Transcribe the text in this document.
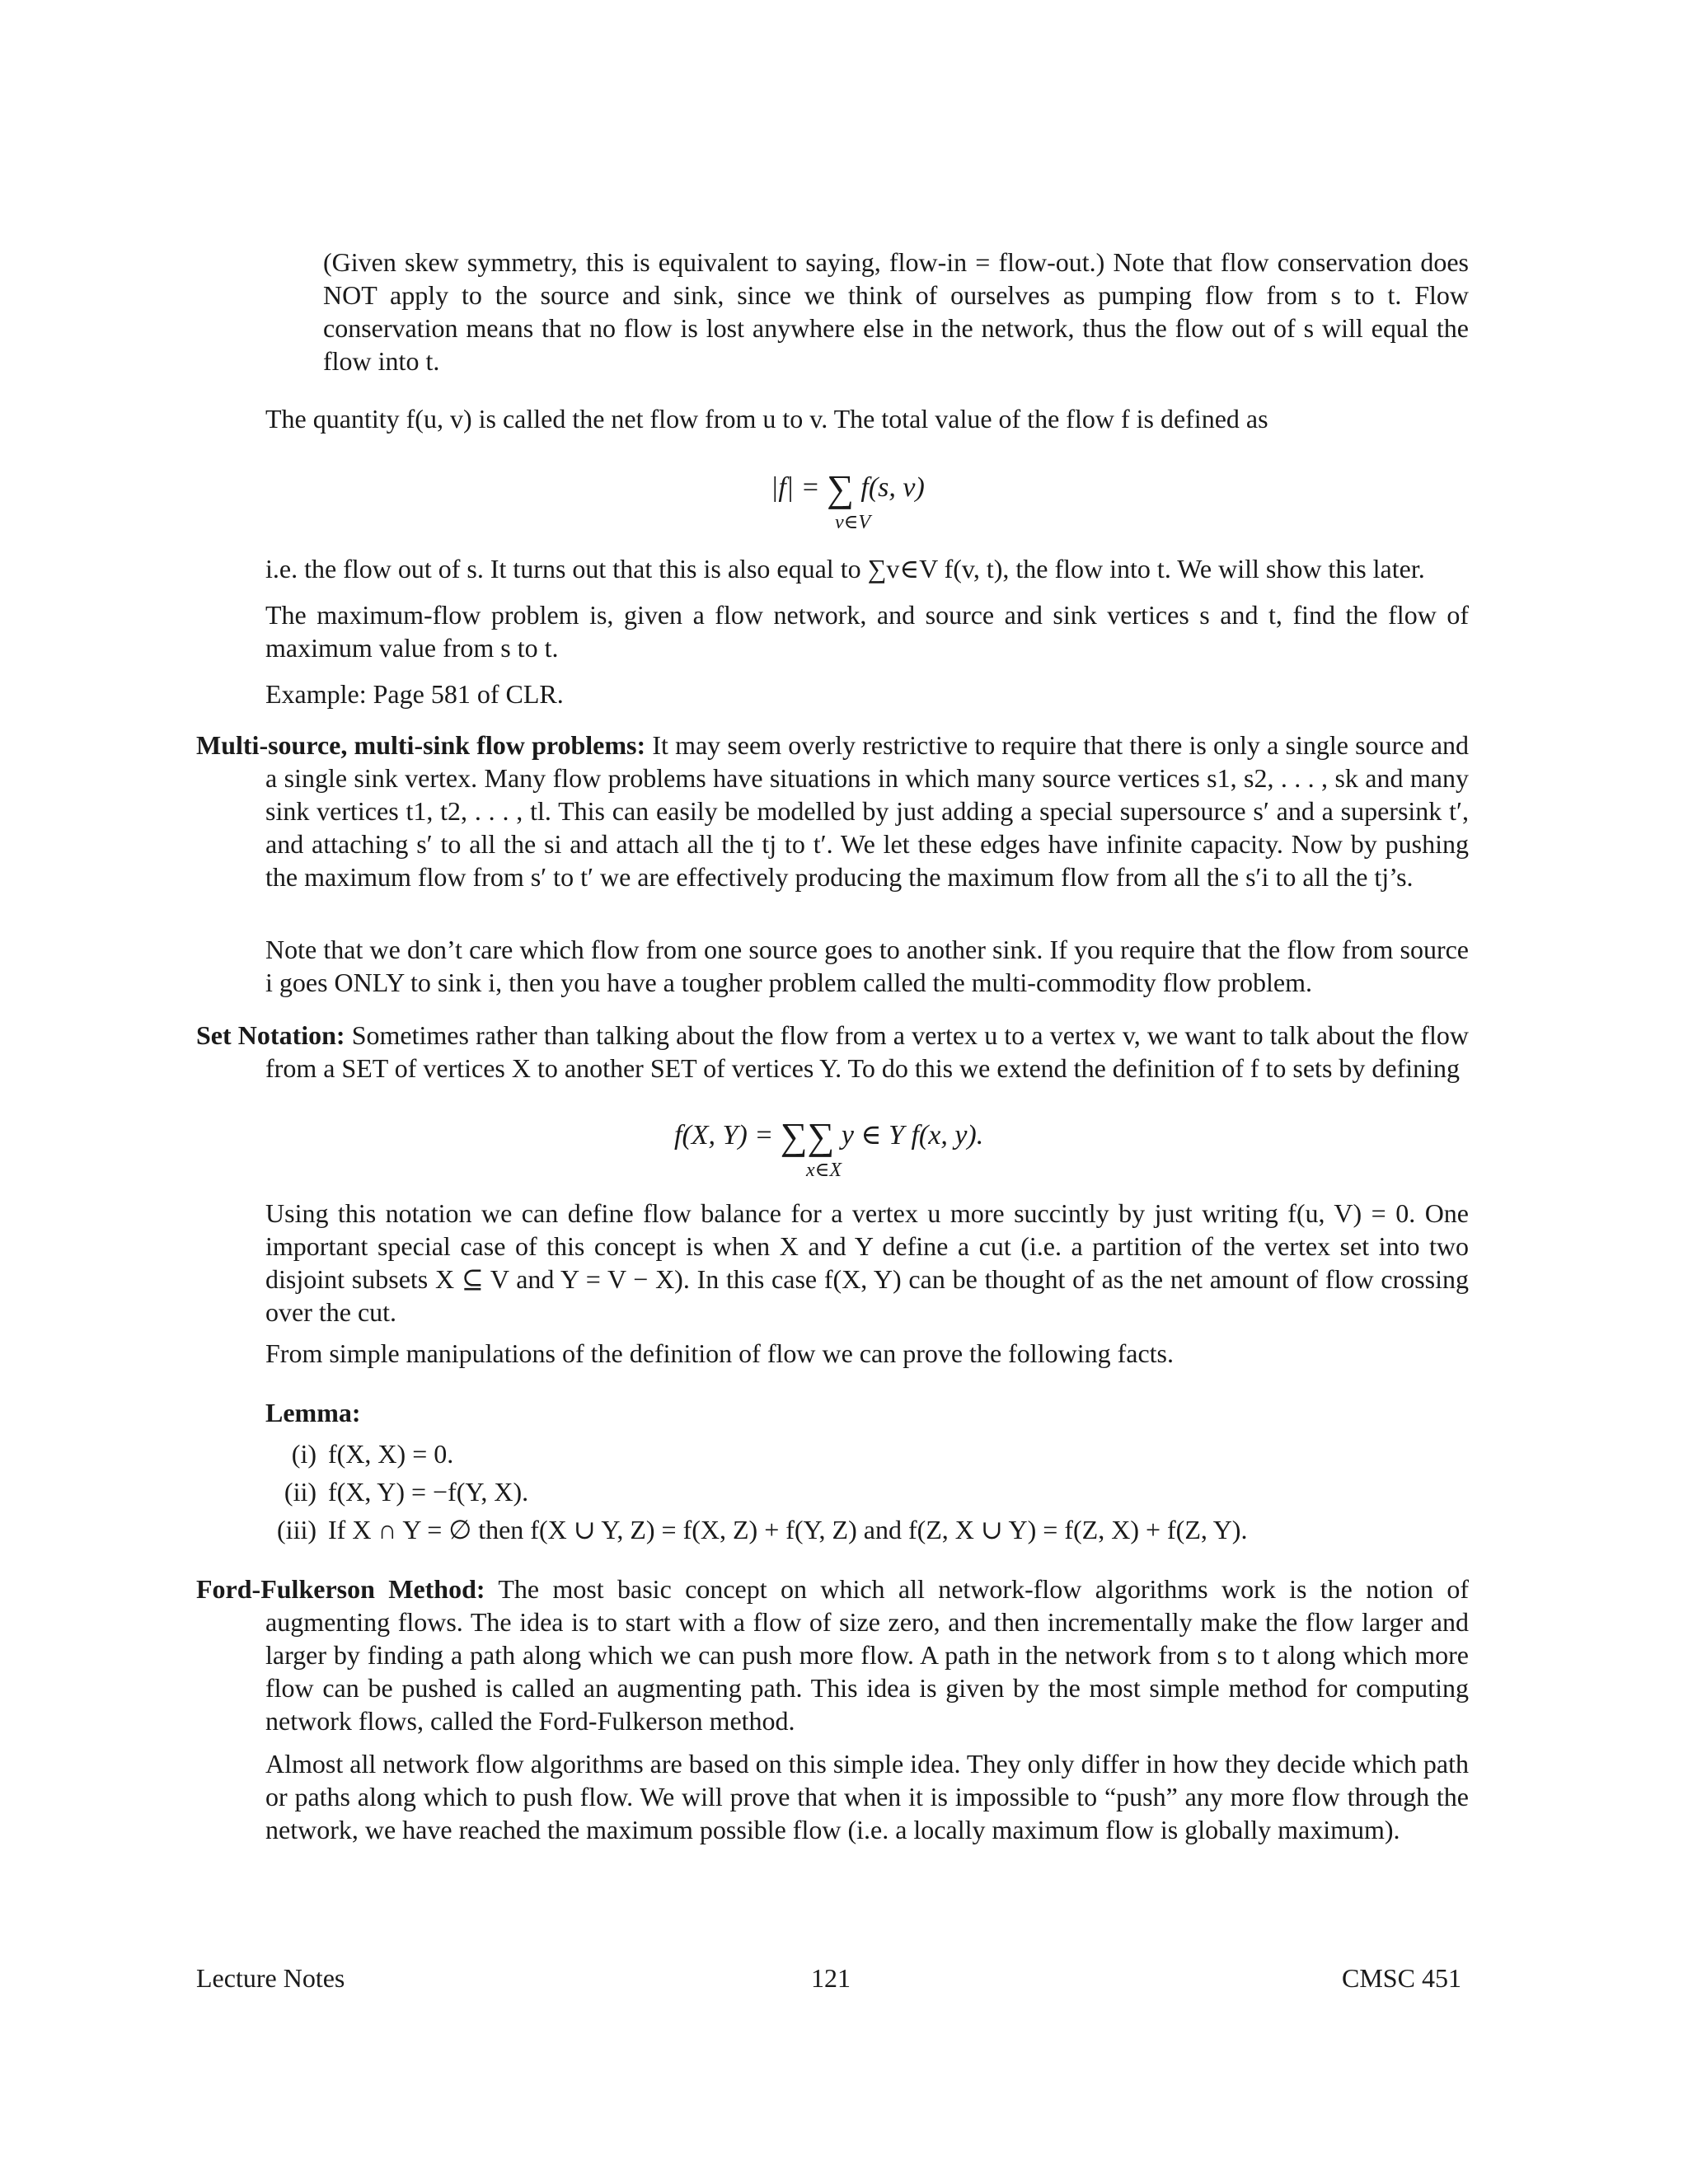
(Given skew symmetry, this is equivalent to saying, flow-in = flow-out.) Note that flow conservation does NOT apply to the source and sink, since we think of ourselves as pumping flow from s to t. Flow conservation means that no flow is lost anywhere else in the network, thus the flow out of s will equal the flow into t.

The quantity f(u, v) is called the net flow from u to v. The total value of the flow f is defined as

|f| = ∑ f(s, v)
v∈V

i.e. the flow out of s. It turns out that this is also equal to ∑v∈V f(v, t), the flow into t. We will show this later.

The maximum-flow problem is, given a flow network, and source and sink vertices s and t, find the flow of maximum value from s to t.

Example: Page 581 of CLR.

Multi-source, multi-sink flow problems: It may seem overly restrictive to require that there is only a single source and a single sink vertex. Many flow problems have situations in which many source vertices s1, s2, . . . , sk and many sink vertices t1, t2, . . . , tl. This can easily be modelled by just adding a special supersource s′ and a supersink t′, and attaching s′ to all the si and attach all the tj to t′. We let these edges have infinite capacity. Now by pushing the maximum flow from s′ to t′ we are effectively producing the maximum flow from all the s′i to all the tj’s.

Note that we don’t care which flow from one source goes to another sink. If you require that the flow from source i goes ONLY to sink i, then you have a tougher problem called the multi-commodity flow problem.

Set Notation: Sometimes rather than talking about the flow from a vertex u to a vertex v, we want to talk about the flow from a SET of vertices X to another SET of vertices Y. To do this we extend the definition of f to sets by defining

f(X, Y) = ∑∑ y ∈ Y f(x, y).
x∈X

Using this notation we can define flow balance for a vertex u more succintly by just writing f(u, V) = 0. One important special case of this concept is when X and Y define a cut (i.e. a partition of the vertex set into two disjoint subsets X ⊆ V and Y = V − X). In this case f(X, Y) can be thought of as the net amount of flow crossing over the cut.

From simple manipulations of the definition of flow we can prove the following facts.

Lemma:

(i) f(X, X) = 0.
(ii) f(X, Y) = −f(Y, X).
(iii) If X ∩ Y = ∅ then f(X ∪ Y, Z) = f(X, Z) + f(Y, Z) and f(Z, X ∪ Y) = f(Z, X) + f(Z, Y).

Ford-Fulkerson Method: The most basic concept on which all network-flow algorithms work is the notion of augmenting flows. The idea is to start with a flow of size zero, and then incrementally make the flow larger and larger by finding a path along which we can push more flow. A path in the network from s to t along which more flow can be pushed is called an augmenting path. This idea is given by the most simple method for computing network flows, called the Ford-Fulkerson method.

Almost all network flow algorithms are based on this simple idea. They only differ in how they decide which path or paths along which to push flow. We will prove that when it is impossible to “push” any more flow through the network, we have reached the maximum possible flow (i.e. a locally maximum flow is globally maximum).

Lecture Notes	121	CMSC 451
